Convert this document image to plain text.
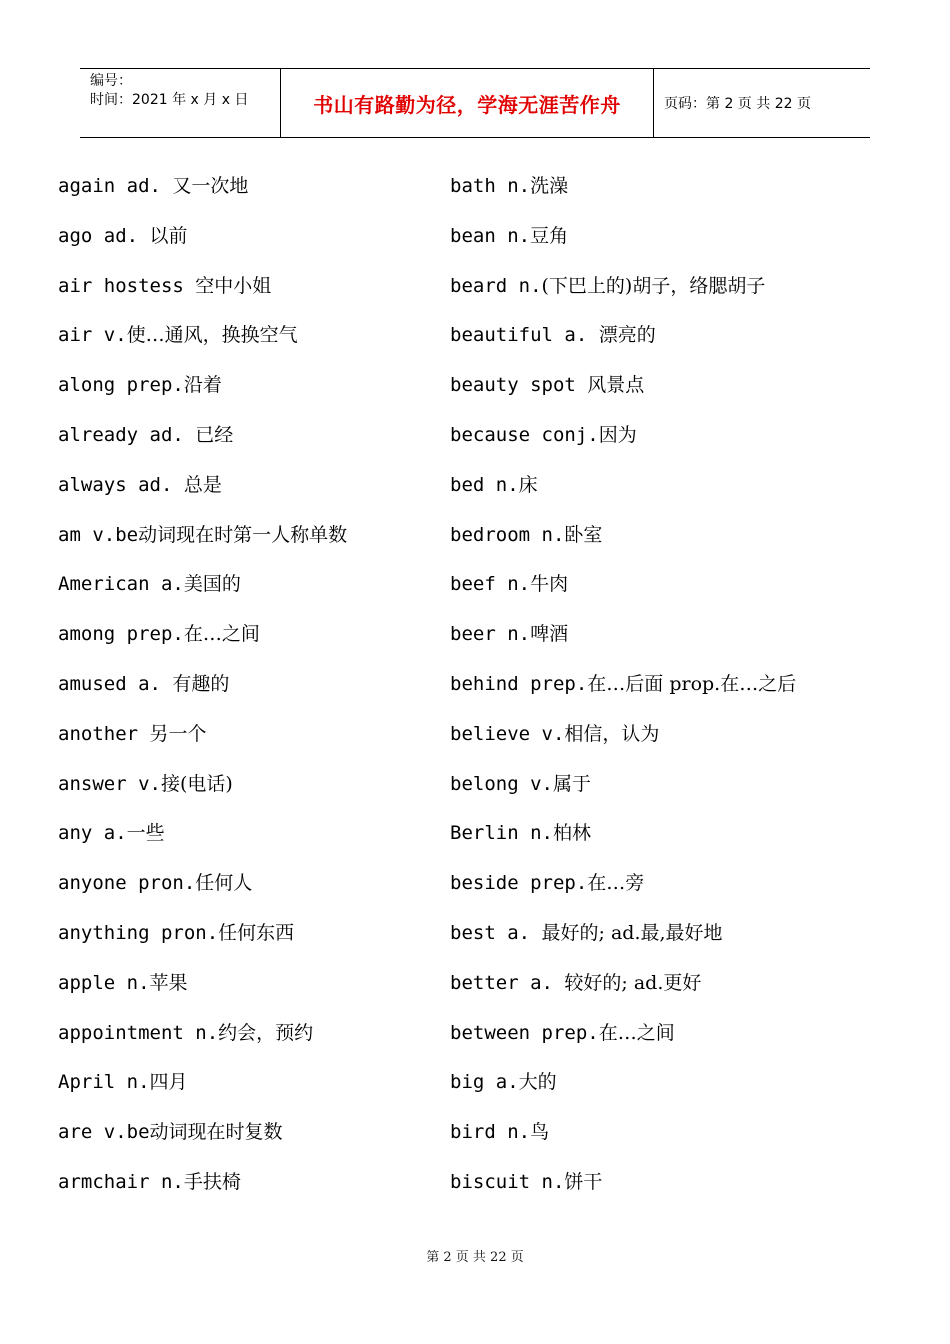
编号：
时间：2021 年 x 月 x 日	书山有路勤为径，学海无涯苦作舟	页码：第 2 页 共 22 页
again ad. 又一次地
ago ad. 以前
air hostess 空中小姐
air v.使…通风，换换空气
along prep.沿着
already ad. 已经
always ad. 总是
am v.be动词现在时第一人称单数
American a.美国的
among prep.在…之间
amused a. 有趣的
another 另一个
answer v.接(电话)
any a.一些
anyone pron.任何人
anything pron.任何东西
apple n.苹果
appointment n.约会，预约
April n.四月
are v.be动词现在时复数
armchair n.手扶椅
bath n.洗澡
bean n.豆角
beard n.(下巴上的)胡子，络腮胡子
beautiful a. 漂亮的
beauty spot 风景点
because conj.因为
bed n.床
bedroom n.卧室
beef n.牛肉
beer n.啤酒
behind prep.在…后面 prop.在…之后
believe v.相信，认为
belong v.属于
Berlin n.柏林
beside prep.在…旁
best a. 最好的; ad.最,最好地
better a. 较好的; ad.更好
between prep.在…之间
big a.大的
bird n.鸟
biscuit n.饼干
第 2 页 共 22 页
